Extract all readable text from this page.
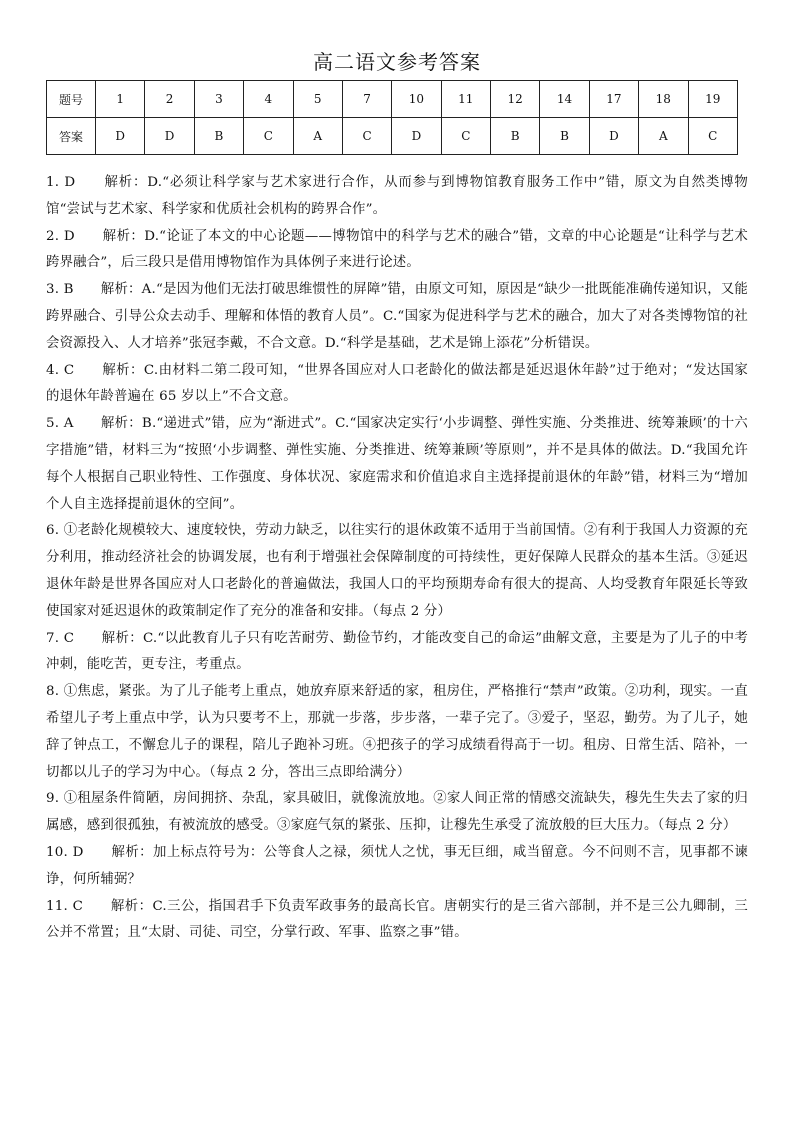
高二语文参考答案
题号	1	2	3	4	5	7	10	11	12	14	17	18	19
答案	D	D	B	C	A	C	D	C	B	B	D	A	C

1. D　　解析：D.“必须让科学家与艺术家进行合作，从而参与到博物馆教育服务工作中”错，原文为自然类博物馆“尝试与艺术家、科学家和优质社会机构的跨界合作”。

2. D　　解析：D.“论证了本文的中心论题——博物馆中的科学与艺术的融合”错，文章的中心论题是“让科学与艺术跨界融合”，后三段只是借用博物馆作为具体例子来进行论述。

3. B　　解析：A.“是因为他们无法打破思维惯性的屏障”错，由原文可知，原因是“缺少一批既能准确传递知识，又能跨界融合、引导公众去动手、理解和体悟的教育人员”。C.“国家为促进科学与艺术的融合，加大了对各类博物馆的社会资源投入、人才培养”张冠李戴，不合文意。D.“科学是基础，艺术是锦上添花”分析错误。

4. C　　解析：C.由材料二第二段可知，“世界各国应对人口老龄化的做法都是延迟退休年龄”过于绝对；“发达国家的退休年龄普遍在 65 岁以上”不合文意。

5. A　　解析：B.“递进式”错，应为“渐进式”。C.“国家决定实行‘小步调整、弹性实施、分类推进、统筹兼顾’的十六字措施”错，材料三为“按照‘小步调整、弹性实施、分类推进、统筹兼顾’等原则”，并不是具体的做法。D.“我国允许每个人根据自己职业特性、工作强度、身体状况、家庭需求和价值追求自主选择提前退休的年龄”错，材料三为“增加个人自主选择提前退休的空间”。

6. ①老龄化规模较大、速度较快，劳动力缺乏，以往实行的退休政策不适用于当前国情。②有利于我国人力资源的充分利用，推动经济社会的协调发展，也有利于增强社会保障制度的可持续性，更好保障人民群众的基本生活。③延迟退休年龄是世界各国应对人口老龄化的普遍做法，我国人口的平均预期寿命有很大的提高、人均受教育年限延长等致使国家对延迟退休的政策制定作了充分的准备和安排。（每点 2 分）

7. C　　解析：C.“以此教育儿子只有吃苦耐劳、勤俭节约，才能改变自己的命运”曲解文意，主要是为了儿子的中考冲刺，能吃苦，更专注，考重点。

8. ①焦虑，紧张。为了儿子能考上重点，她放弃原来舒适的家，租房住，严格推行“禁声”政策。②功利，现实。一直希望儿子考上重点中学，认为只要考不上，那就一步落，步步落，一辈子完了。③爱子，坚忍，勤劳。为了儿子，她辞了钟点工，不懈怠儿子的课程，陪儿子跑补习班。④把孩子的学习成绩看得高于一切。租房、日常生活、陪补，一切都以儿子的学习为中心。（每点 2 分，答出三点即给满分）

9. ①租屋条件简陋，房间拥挤、杂乱，家具破旧，就像流放地。②家人间正常的情感交流缺失，穆先生失去了家的归属感，感到很孤独，有被流放的感受。③家庭气氛的紧张、压抑，让穆先生承受了流放般的巨大压力。（每点 2 分）

10. D　　解析：加上标点符号为：公等食人之禄，须忧人之忧，事无巨细，咸当留意。今不问则不言，见事都不谏诤，何所辅弼？

11. C　　解析：C.三公，指国君手下负责军政事务的最高长官。唐朝实行的是三省六部制，并不是三公九卿制，三公并不常置；且“太尉、司徒、司空，分掌行政、军事、监察之事”错。
